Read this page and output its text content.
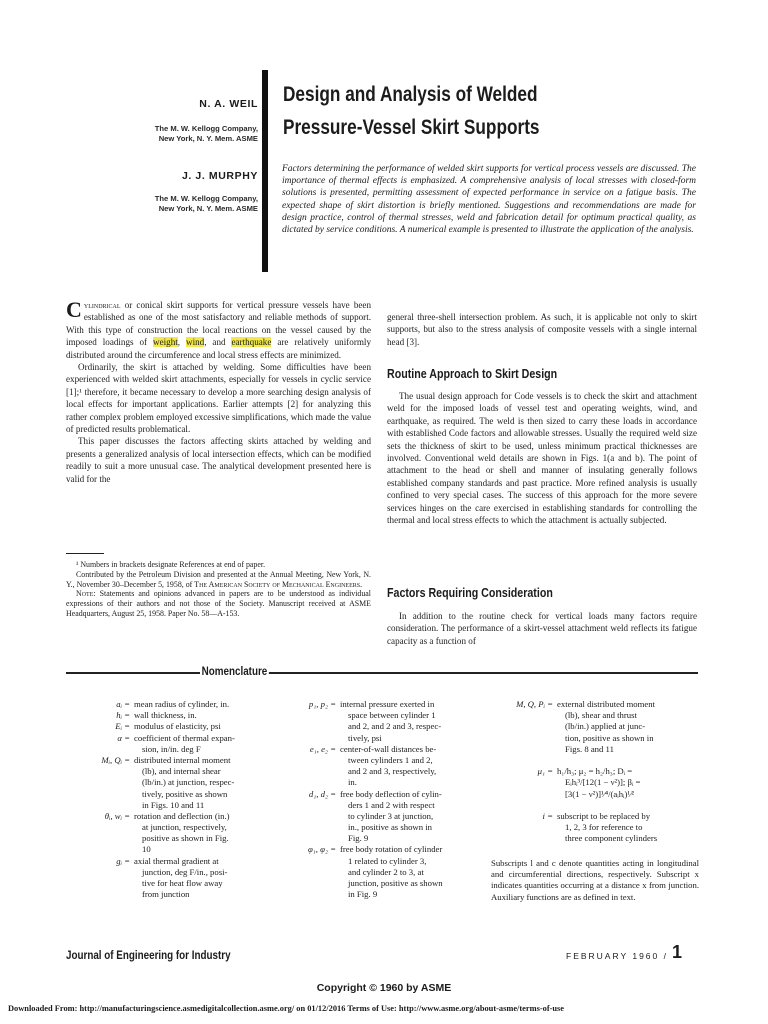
N. A. WEIL
The M. W. Kellogg Company,
New York, N. Y. Mem. ASME
J. J. MURPHY
The M. W. Kellogg Company,
New York, N. Y. Mem. ASME
Design and Analysis of Welded
Pressure-Vessel Skirt Supports
Factors determining the performance of welded skirt supports for vertical process vessels are discussed. The importance of thermal effects is emphasized. A comprehensive analysis of local stresses with closed-form solutions is presented, permitting assessment of expected performance in service on a fatigue basis. The expected shape of skirt distortion is briefly mentioned. Suggestions and recommendations are made for design practice, control of thermal stresses, weld and fabrication detail for optimum practical quality, as dictated by service conditions. A numerical example is presented to illustrate the application of the analysis.

Cylindrical or conical skirt supports for vertical pressure vessels have been established as one of the most satisfactory and reliable methods of support. With this type of construction the local reactions on the vessel caused by the imposed loadings of weight, wind, and earthquake are relatively uniformly distributed around the circumference and local stress effects are minimized.

Ordinarily, the skirt is attached by welding. Some difficulties have been experienced with welded skirt attachments, especially for vessels in cyclic service [1];¹ therefore, it became necessary to develop a more searching design analysis of local effects for important applications. Earlier attempts [2] for analyzing this rather complex problem employed excessive simplifications, which made the value of predicted results problematical.

This paper discusses the factors affecting skirts attached by welding and presents a generalized analysis of local intersection effects, which can be modified readily to suit a more unusual case. The analytical development presented here is valid for the

¹ Numbers in brackets designate References at end of paper.

Contributed by the Petroleum Division and presented at the Annual Meeting, New York, N. Y., November 30–December 5, 1958, of The American Society of Mechanical Engineers.

Note: Statements and opinions advanced in papers are to be understood as individual expressions of their authors and not those of the Society. Manuscript received at ASME Headquarters, August 25, 1958. Paper No. 58—A-153.

general three-shell intersection problem. As such, it is applicable not only to skirt supports, but also to the stress analysis of composite vessels with a single internal head [3].

Routine Approach to Skirt Design

The usual design approach for Code vessels is to check the skirt and attachment weld for the imposed loads of vessel test and operating weights, wind, and earthquake, as required. The weld is then sized to carry these loads in accordance with established Code factors and allowable stresses. Usually the required weld size sets the thickness of skirt to be used, unless minimum practical thicknesses are involved. Conventional weld details are shown in Figs. 1(a and b). The point of attachment to the head or shell and manner of insulating generally follows established company standards and past practice. More refined analysis is usually confined to very special cases. The success of this approach for the more severe services hinges on the care exercised in establishing standards for controlling the thermal and local stress effects to which the attachment is actually subjected.

Factors Requiring Consideration

In addition to the routine check for vertical loads many factors require consideration. The performance of a skirt-vessel attachment weld reflects its fatigue capacity as a function of

Nomenclature
aᵢ = mean radius of cylinder, in.
hᵢ = wall thickness, in.
Eᵢ = modulus of elasticity, psi
α = coefficient of thermal expan-
sion, in/in. deg F
Mᵢ, Qᵢ = distributed internal moment
(lb), and internal shear
(lb/in.) at junction, respec-
tively, positive as shown
in Figs. 10 and 11
θᵢ, wᵢ = rotation and deflection (in.)
at junction, respectively,
positive as shown in Fig.
10
gᵢ = axial thermal gradient at
junction, deg F/in., posi-
tive for heat flow away
from junction
p₁, p₂ = internal pressure exerted in
space between cylinder 1
and 2, and 2 and 3, respec-
tively, psi
e₁, e₂ = center-of-wall distances be-
tween cylinders 1 and 2,
and 2 and 3, respectively,
in.
d₁, d₂ = free body deflection of cylin-
ders 1 and 2 with respect
to cylinder 3 at junction,
in., positive as shown in
Fig. 9
φ₁, φ₂ = free body rotation of cylinder
1 related to cylinder 3,
and cylinder 2 to 3, at
junction, positive as shown
in Fig. 9
M, Q, Pᵢ = external distributed moment
(lb), shear and thrust
(lb/in.) applied at junc-
tion, positive as shown in
Figs. 8 and 11
μ₁ = h₁/h₃; μ₂ = h₂/h₃; Dᵢ =
Eᵢhᵢ³/[12(1 − ν²)]; βᵢ =
[3(1 − ν²)]¹⁄⁴/(aᵢhᵢ)¹⁄²
i = subscript to be replaced by
1, 2, 3 for reference to
three component cylinders
Subscripts l and c denote quantities acting in longitudinal and circumferential directions, respectively. Subscript x indicates quantities occurring at a distance x from junction. Auxiliary functions are as defined in text.
Journal of Engineering for Industry	FEBRUARY 1960 / 1
Copyright © 1960 by ASME
Downloaded From: http://manufacturingscience.asmedigitalcollection.asme.org/ on 01/12/2016 Terms of Use: http://www.asme.org/about-asme/terms-of-use
